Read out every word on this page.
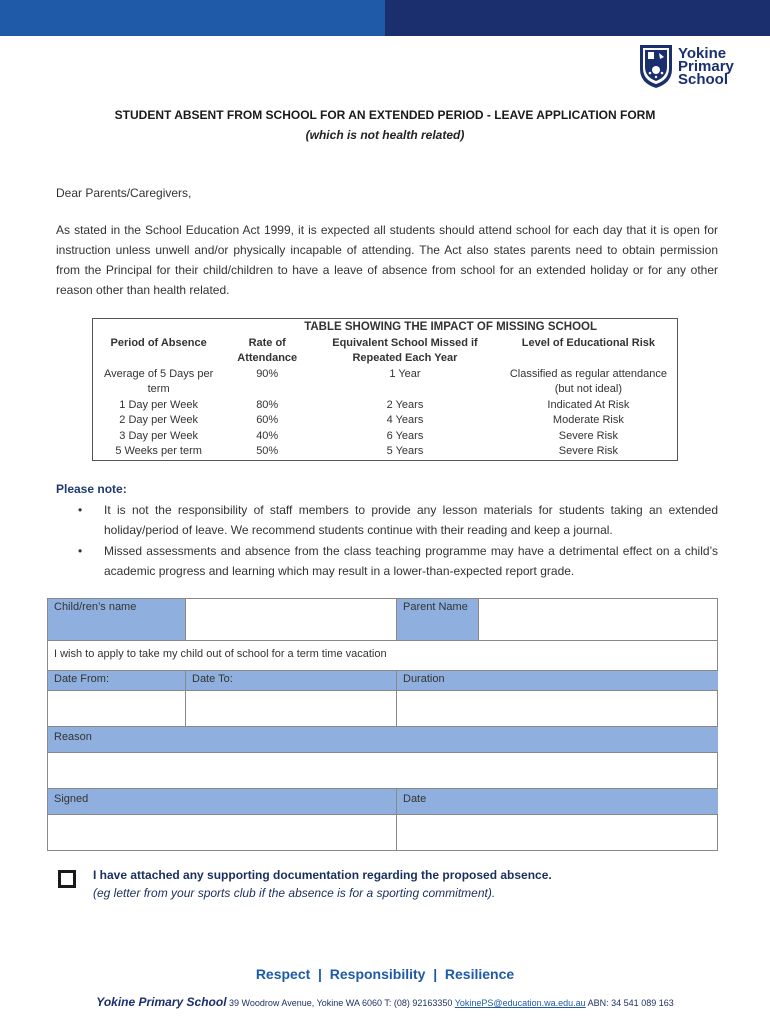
Yokine
Primary
School
STUDENT ABSENT FROM SCHOOL FOR AN EXTENDED PERIOD - LEAVE APPLICATION FORM
(which is not health related)
Dear Parents/Caregivers,
As stated in the School Education Act 1999, it is expected all students should attend school for each day that it is open for instruction unless unwell and/or physically incapable of attending. The Act also states parents need to obtain permission from the Principal for their child/children to have a leave of absence from school for an extended holiday or for any other reason other than health related.
	TABLE SHOWING THE IMPACT OF MISSING SCHOOL		
Period of Absence	Rate of Attendance	Equivalent School Missed if Repeated Each Year	Level of Educational Risk
Average of 5 Days per term	90%	1 Year	Classified as regular attendance (but not ideal)
1 Day per Week	80%	2 Years	Indicated At Risk
2 Day per Week	60%	4 Years	Moderate Risk
3 Day per Week	40%	6 Years	Severe Risk
5 Weeks per term	50%	5 Years	Severe Risk
Please note:
• It is not the responsibility of staff members to provide any lesson materials for students taking an extended holiday/period of leave. We recommend students continue with their reading and keep a journal.
• Missed assessments and absence from the class teaching programme may have a detrimental effect on a child’s academic progress and learning which may result in a lower-than-expected report grade.
Child/ren’s name	Parent Name
I wish to apply to take my child out of school for a term time vacation
Date From:	Date To:	Duration
Reason
Signed	Date
I have attached any supporting documentation regarding the proposed absence.
(eg letter from your sports club if the absence is for a sporting commitment).
Respect  |  Responsibility  |  Resilience
Yokine Primary School 39 Woodrow Avenue, Yokine WA 6060 T: (08) 92163350 YokinePS@education.wa.edu.au ABN: 34 541 089 163
